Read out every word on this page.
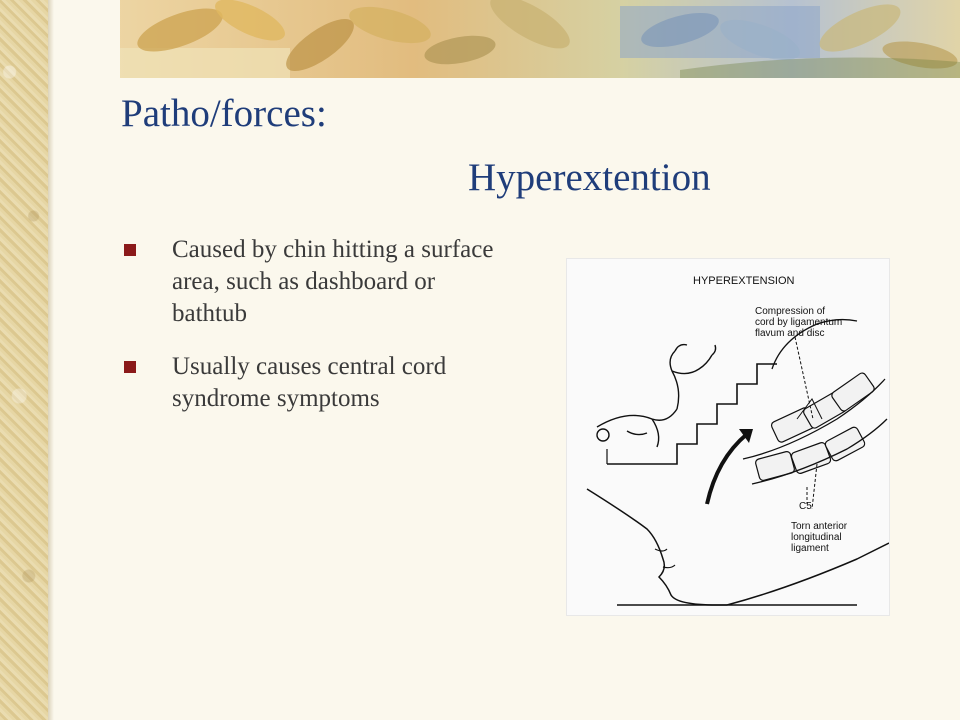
Patho/forces:
Hyperextention
Caused by chin hitting a surface area, such as dashboard or bathtub
Usually causes central cord syndrome symptoms
HYPEREXTENSION
Compression of
cord by ligamentum
flavum and disc
C5
Torn anterior
longitudinal
ligament
